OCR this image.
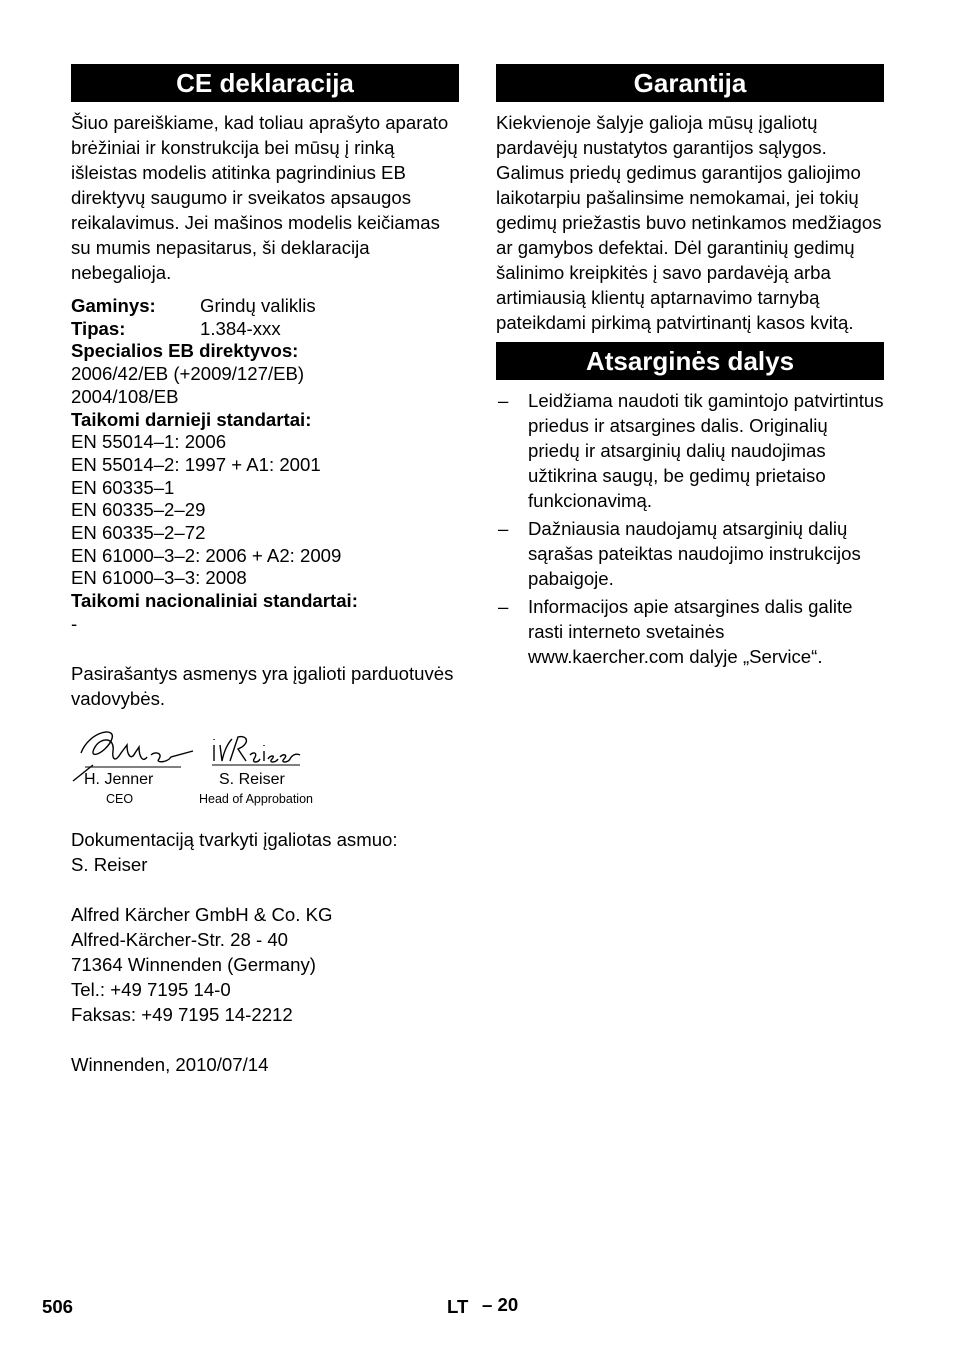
CE deklaracija

Šiuo pareiškiame, kad toliau aprašyto aparato brėžiniai ir konstrukcija bei mūsų į rinką išleistas modelis atitinka pagrindinius EB direktyvų saugumo ir sveikatos apsaugos reikalavimus. Jei mašinos modelis keičiamas su mumis nepasitarus, ši deklaracija nebegalioja.

Gaminys:	Grindų valiklis
Tipas:	1.384-xxx
Specialios EB direktyvos:
2006/42/EB (+2009/127/EB)
2004/108/EB
Taikomi darnieji standartai:
EN 55014–1: 2006
EN 55014–2: 1997 + A1: 2001
EN 60335–1
EN 60335–2–29
EN 60335–2–72
EN 61000–3–2: 2006 + A2: 2009
EN 61000–3–3: 2008
Taikomi nacionaliniai standartai:
-

Pasirašantys asmenys yra įgalioti parduotuvės vadovybės.

H. Jenner
CEO
S. Reiser
Head of Approbation

Dokumentaciją tvarkyti įgaliotas asmuo:

S. Reiser

Alfred Kärcher GmbH & Co. KG

Alfred-Kärcher-Str. 28 - 40

71364 Winnenden (Germany)

Tel.: +49 7195 14-0

Faksas: +49 7195 14-2212

Winnenden, 2010/07/14

Garantija

Kiekvienoje šalyje galioja mūsų įgaliotų pardavėjų nustatytos garantijos sąlygos. Galimus priedų gedimus garantijos galiojimo laikotarpiu pašalinsime nemokamai, jei tokių gedimų priežastis buvo netinkamos medžiagos ar gamybos defektai. Dėl garantinių gedimų šalinimo kreipkitės į savo pardavėją arba artimiausią klientų aptarnavimo tarnybą pateikdami pirkimą patvirtinantį kasos kvitą.

Atsarginės dalys
– Leidžiama naudoti tik gamintojo patvirtintus priedus ir atsargines dalis. Originalių priedų ir atsarginių dalių naudojimas užtikrina saugų, be gedimų prietaiso funkcionavimą.
– Dažniausia naudojamų atsarginių dalių sąrašas pateiktas naudojimo instrukcijos pabaigoje.
– Informacijos apie atsargines dalis galite rasti interneto svetainės www.kaercher.com dalyje „Service“.
506	LT – 20
